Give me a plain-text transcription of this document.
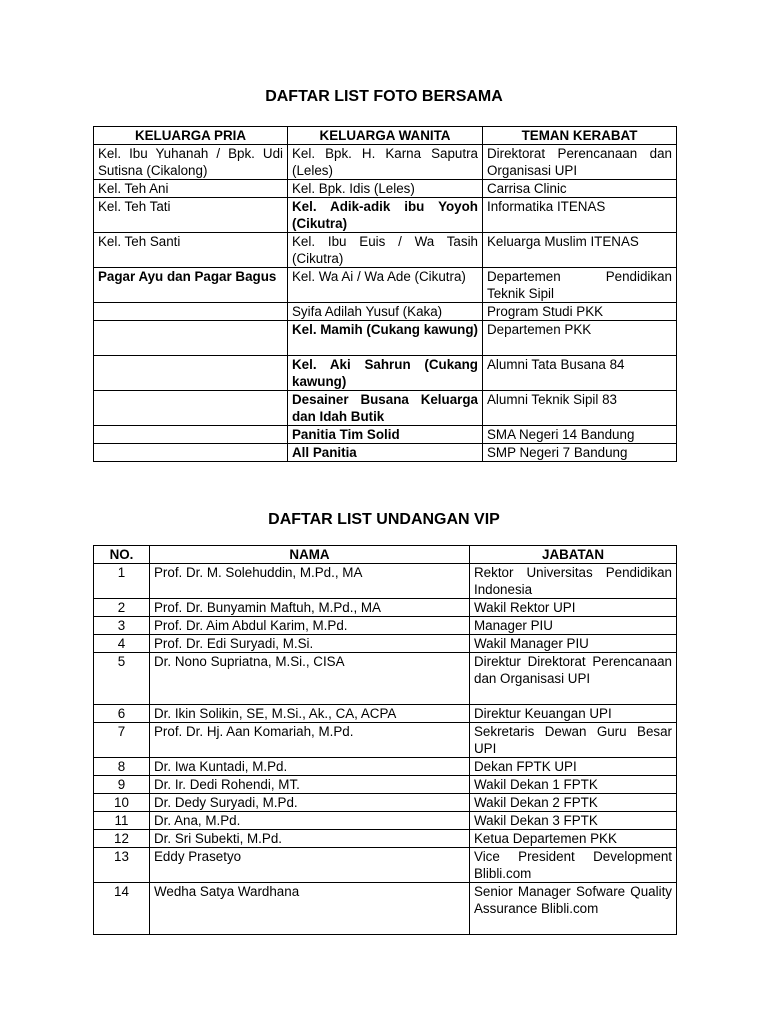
DAFTAR LIST FOTO BERSAMA
KELUARGA PRIA	KELUARGA WANITA	TEMAN KERABAT
Kel. Ibu Yuhanah / Bpk. Udi Sutisna (Cikalong)	Kel. Bpk. H. Karna Saputra (Leles)	Direktorat Perencanaan dan Organisasi UPI
Kel. Teh Ani	Kel. Bpk. Idis (Leles)	Carrisa Clinic
Kel. Teh Tati	Kel. Adik-adik ibu Yoyoh (Cikutra)	Informatika ITENAS
Kel. Teh Santi	Kel. Ibu Euis / Wa Tasih (Cikutra)	Keluarga Muslim ITENAS
Pagar Ayu dan Pagar Bagus	Kel. Wa Ai / Wa Ade (Cikutra)	Departemen Pendidikan Teknik Sipil
	Syifa Adilah Yusuf (Kaka)	Program Studi PKK
	Kel. Mamih (Cukang kawung)	Departemen PKK
	Kel. Aki Sahrun (Cukang kawung)	Alumni Tata Busana 84
	Desainer Busana Keluarga dan Idah Butik	Alumni Teknik Sipil 83
	Panitia Tim Solid	SMA Negeri 14 Bandung
	All Panitia	SMP Negeri 7 Bandung
DAFTAR LIST UNDANGAN VIP
NO.	NAMA	JABATAN
1	Prof. Dr. M. Solehuddin, M.Pd., MA	Rektor Universitas Pendidikan Indonesia
2	Prof. Dr. Bunyamin Maftuh, M.Pd., MA	Wakil Rektor UPI
3	Prof. Dr. Aim Abdul Karim, M.Pd.	Manager PIU
4	Prof. Dr. Edi Suryadi, M.Si.	Wakil Manager PIU
5	Dr. Nono Supriatna, M.Si., CISA	Direktur Direktorat Perencanaan dan Organisasi UPI
6	Dr. Ikin Solikin, SE, M.Si., Ak., CA, ACPA	Direktur Keuangan UPI
7	Prof. Dr. Hj. Aan Komariah, M.Pd.	Sekretaris Dewan Guru Besar UPI
8	Dr. Iwa Kuntadi, M.Pd.	Dekan FPTK UPI
9	Dr. Ir. Dedi Rohendi, MT.	Wakil Dekan 1 FPTK
10	Dr. Dedy Suryadi, M.Pd.	Wakil Dekan 2 FPTK
11	Dr. Ana, M.Pd.	Wakil Dekan 3 FPTK
12	Dr. Sri Subekti, M.Pd.	Ketua Departemen PKK
13	Eddy Prasetyo	Vice President Development Blibli.com
14	Wedha Satya Wardhana	Senior Manager Sofware Quality Assurance Blibli.com
